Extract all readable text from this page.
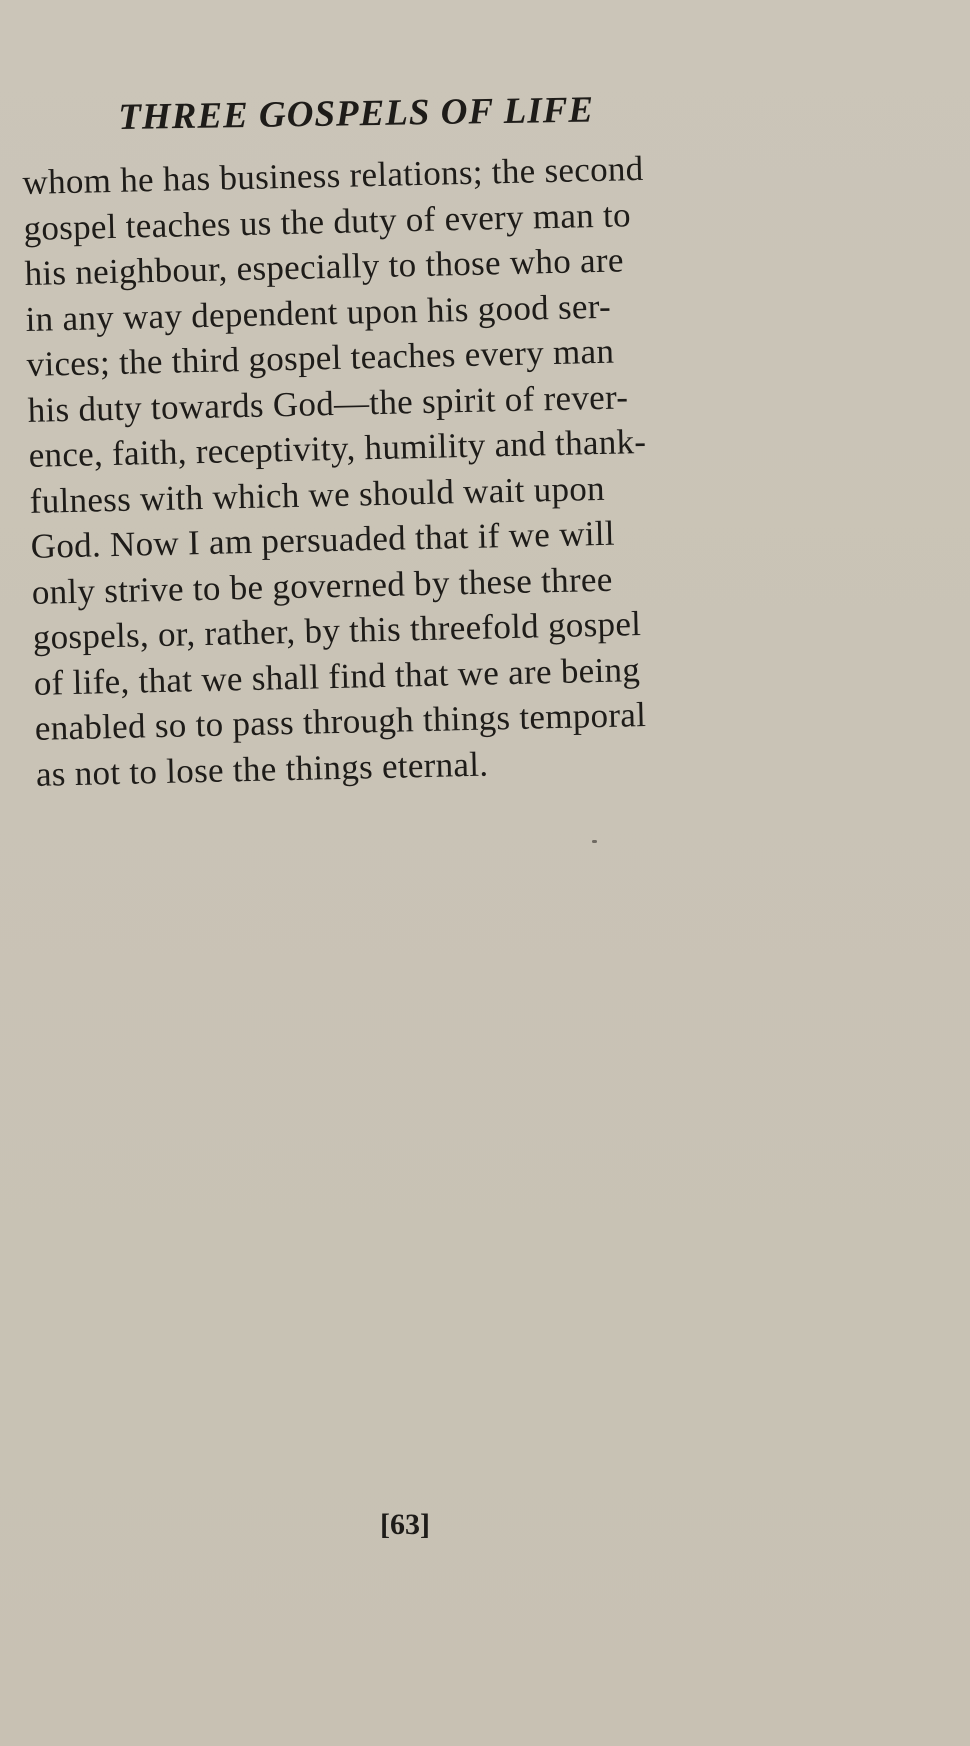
THREE GOSPELS OF LIFE
whom he has business relations; the second
gospel teaches us the duty of every man to
his neighbour, especially to those who are
in any way dependent upon his good ser-
vices; the third gospel teaches every man
his duty towards God—the spirit of rever-
ence, faith, receptivity, humility and thank-
fulness with which we should wait upon
God. Now I am persuaded that if we will
only strive to be governed by these three
gospels, or, rather, by this threefold gospel
of life, that we shall find that we are being
enabled so to pass through things temporal
as not to lose the things eternal.
[63]
